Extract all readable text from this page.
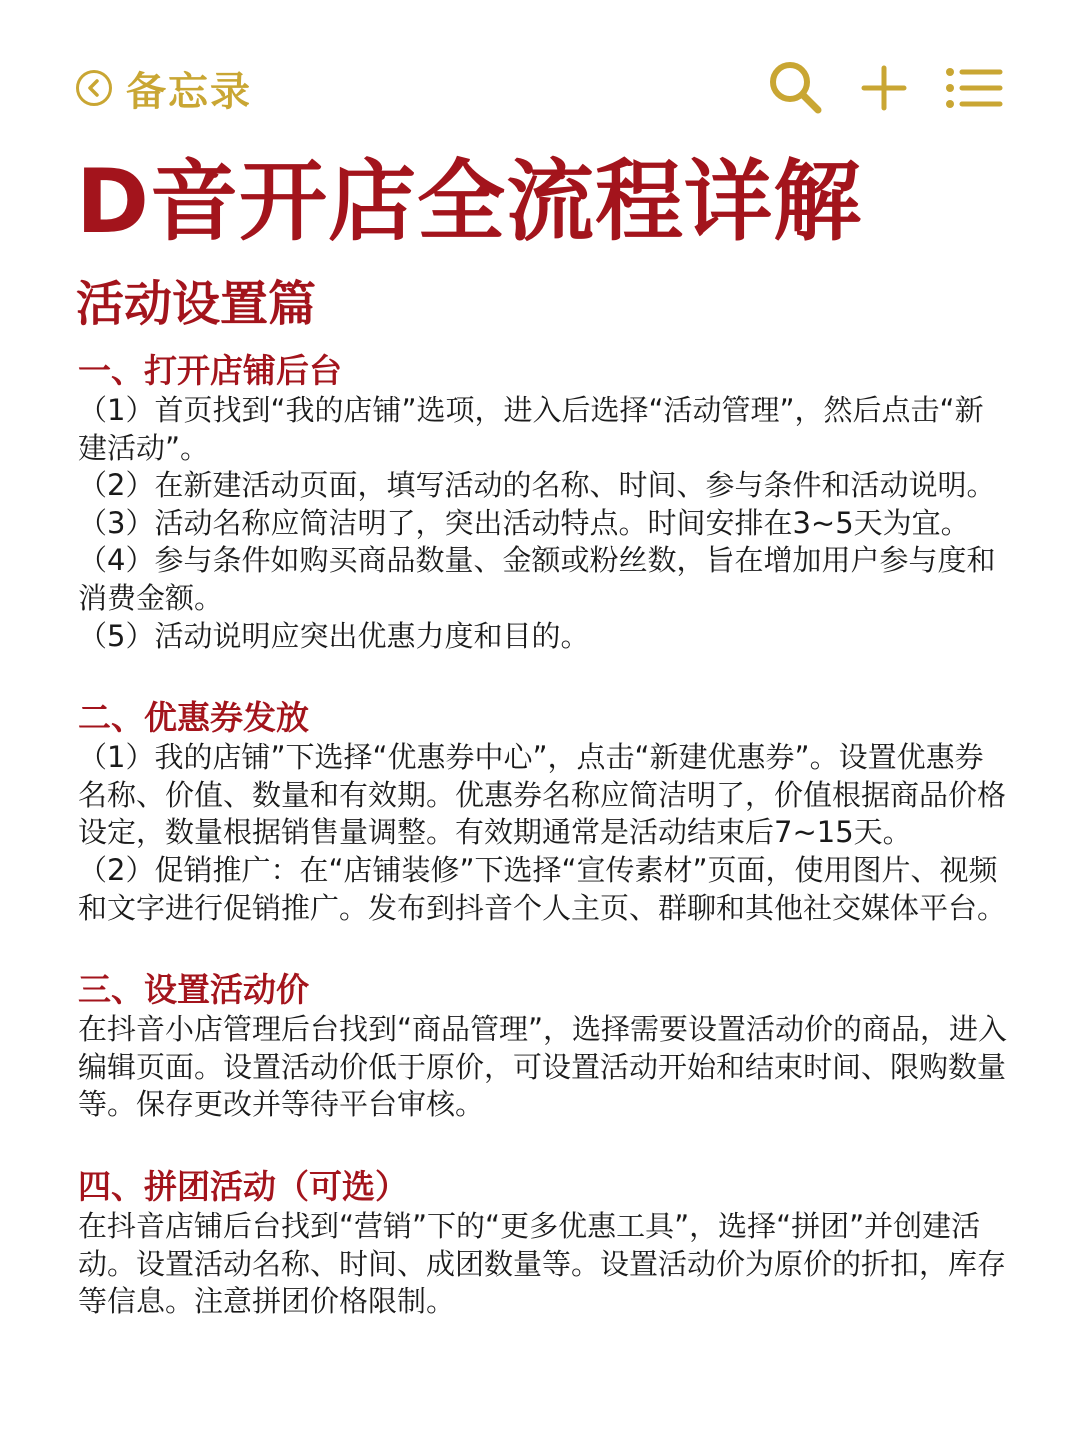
备忘录
D音开店全流程详解
活动设置篇
一、打开店铺后台

（1）首页找到“我的店铺”选项，进入后选择“活动管理”，然后点击“新建活动”。

（2）在新建活动页面，填写活动的名称、时间、参与条件和活动说明。

（3）活动名称应简洁明了，突出活动特点。时间安排在3~5天为宜。

（4）参与条件如购买商品数量、金额或粉丝数，旨在增加用户参与度和消费金额。

（5）活动说明应突出优惠力度和目的。

二、优惠券发放

（1）我的店铺”下选择“优惠券中心”，点击“新建优惠券”。设置优惠券名称、价值、数量和有效期。优惠券名称应简洁明了，价值根据商品价格设定，数量根据销售量调整。有效期通常是活动结束后7~15天。

（2）促销推广：在“店铺装修”下选择“宣传素材”页面，使用图片、视频和文字进行促销推广。发布到抖音个人主页、群聊和其他社交媒体平台。

三、设置活动价

在抖音小店管理后台找到“商品管理”，选择需要设置活动价的商品，进入编辑页面。设置活动价低于原价，可设置活动开始和结束时间、限购数量等。保存更改并等待平台审核。

四、拼团活动（可选）

在抖音店铺后台找到“营销”下的“更多优惠工具”，选择“拼团”并创建活动。设置活动名称、时间、成团数量等。设置活动价为原价的折扣，库存等信息。注意拼团价格限制。
